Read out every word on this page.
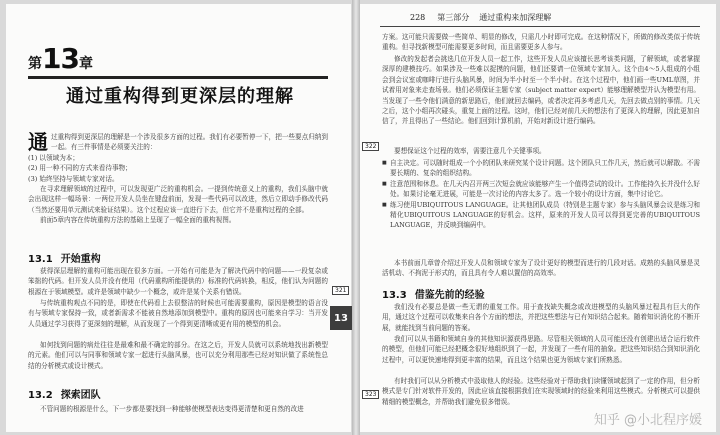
第13章
通过重构得到更深层的理解
通过重构得到更深层的理解是一个涉及很多方面的过程。我们有必要暂停一下，把一些要点归纳到一起。有三件事情是必须要关注的：
(1) 以领域为本；
(2) 用一种不同的方式来看待事物；
(3) 始终坚持与领域专家对话。
在寻求理解领域的过程中，可以发现更广泛的重构机会。一提到传统意义上的重构，我们头脑中就会出现这样一幅场景：一两位开发人员坐在键盘前面，发现一些代码可以改进，然后立即动手修改代码（当然还要用单元测试来验证结果）。这个过程应该一直进行下去，但它并不是重构过程的全部。
前面5章内容在传统重构方法的基础上呈现了一幅全面的重构视图。
13.1 开始重构
获得深层理解的重构可能出现在很多方面。一开始有可能是为了解决代码中的问题——一段复杂或笨拙的代码。但开发人员并没有使用（代码重构所能提供的）标准的代码转换，相反，他们认为问题的根源在于领域模型。或许是领域中缺少一个概念，或许是某个关系有错误。
与传统重构观点不同的是，即使在代码看上去很整洁的时候也可能需要重构，原因是模型的语言没有与领域专家保持一致，或者新需求不能被自然地添加到模型中。重构的原因也可能来自学习：当开发人员通过学习获得了更深刻的理解，从而发现了一个得到更清晰或更有用的模型的机会。
如何找到问题的病灶往往是最难和最不确定的部分。在这之后，开发人员就可以系统地找出新模型的元素。他们可以与同事和领域专家一起进行头脑风暴，也可以充分利用那些已经对知识做了系统性总结的分析模式或设计模式。
13.2 探索团队
不管问题的根源是什么，下一步都是要找到一种能够使模型表达变得更清楚和更自然的改进
321
13
228 第三部分 通过重构来加深理解
方案。这可能只需要做一些简单、明显的修改，只需几小时即可完成。在这种情况下，所做的修改类似于传统重构。但寻找新模型可能需要更多时间，而且需要更多人参与。
修改的发起者会挑选几位开发人员一起工作，这些开发人员应该擅长思考该类问题，了解领域，或者掌握深厚的建模技巧。如果涉及一些难以捉摸的问题，他们还要请一位领域专家加入。这个由4～5人组成的小组会到会议室或咖啡厅进行头脑风暴，时间为半小时至一个半小时。在这个过程中，他们画一些UML草图，并试着用对象来走查场景。他们必须保证主题专家（subject matter expert）能够理解模型并认为模型有用。当发现了一些令他们满意的新思路后，他们就回去编码，或者决定再多考虑几天，先回去做点别的事情。几天之后，这个小组再次碰头，重复上面的过程。这时，他们已经对前几天的想法有了更深入的理解，因此更加自信了，并且得出了一些结论。他们回到计算机前，开始对新设计进行编码。
要想保证这个过程的效率，需要注意几个关键事项。
■ 自主决定。可以随时组成一个小的团队来研究某个设计问题。这个团队只工作几天，然后就可以解散。不需要长期的、复杂的组织结构。
■ 注意范围和休息。在几天内召开两三次短会就应该能够产生一个值得尝试的设计。工作能持久长并没什么好处。如果讨论毫无进展，可能是一次讨论的内容太多了。选一个较小的设计方面，集中讨论它。
■ 练习使用UBIQUITOUS LANGUAGE。让其他团队成员（特别是主题专家）参与头脑风暴会议是练习和精化UBIQUITOUS LANGUAGE的好机会。这样，原来的开发人员可以得到更完善的UBIQUITOUS LANGUAGE，并反映到编码中。
本书前面几章曾介绍过开发人员和领域专家为了设计更好的模型而进行的几段对话。成熟的头脑风暴是灵活机动、不拘泥于形式的，而且具有令人难以置信的高效率。
13.3 借鉴先前的经验
我们没有必要总是做一些无谓的重复工作。用于查找缺失概念或改进模型的头脑风暴过程具有巨大的作用，通过这个过程可以收集来自各个方面的想法，并把这些想法与已有知识结合起来。随着知识消化的不断开展，就能找到当前问题的答案。
我们可以从书籍和领域自身的其他知识源获得思路。尽管相关领域的人员可能还没有创建出适合运行软件的模型，但他们可能已经把概念很好地组织到了一起，并发现了一些有用的抽象。把这些知识结合到知识消化过程中，可以更快速地得到更丰富的结果，而且这个结果也更为领域专家们所熟悉。
有时我们可以从分析模式中汲取他人的经验。这些经验对于帮助我们读懂领域起到了一定的作用，但分析模式是专门针对软件开发的，因此应该直接根据我们在实现领域时的经验来利用这些模式。分析模式可以提供精细的模型概念，并帮助我们避免很多错误。
322
323
知乎 @小北程序媛
